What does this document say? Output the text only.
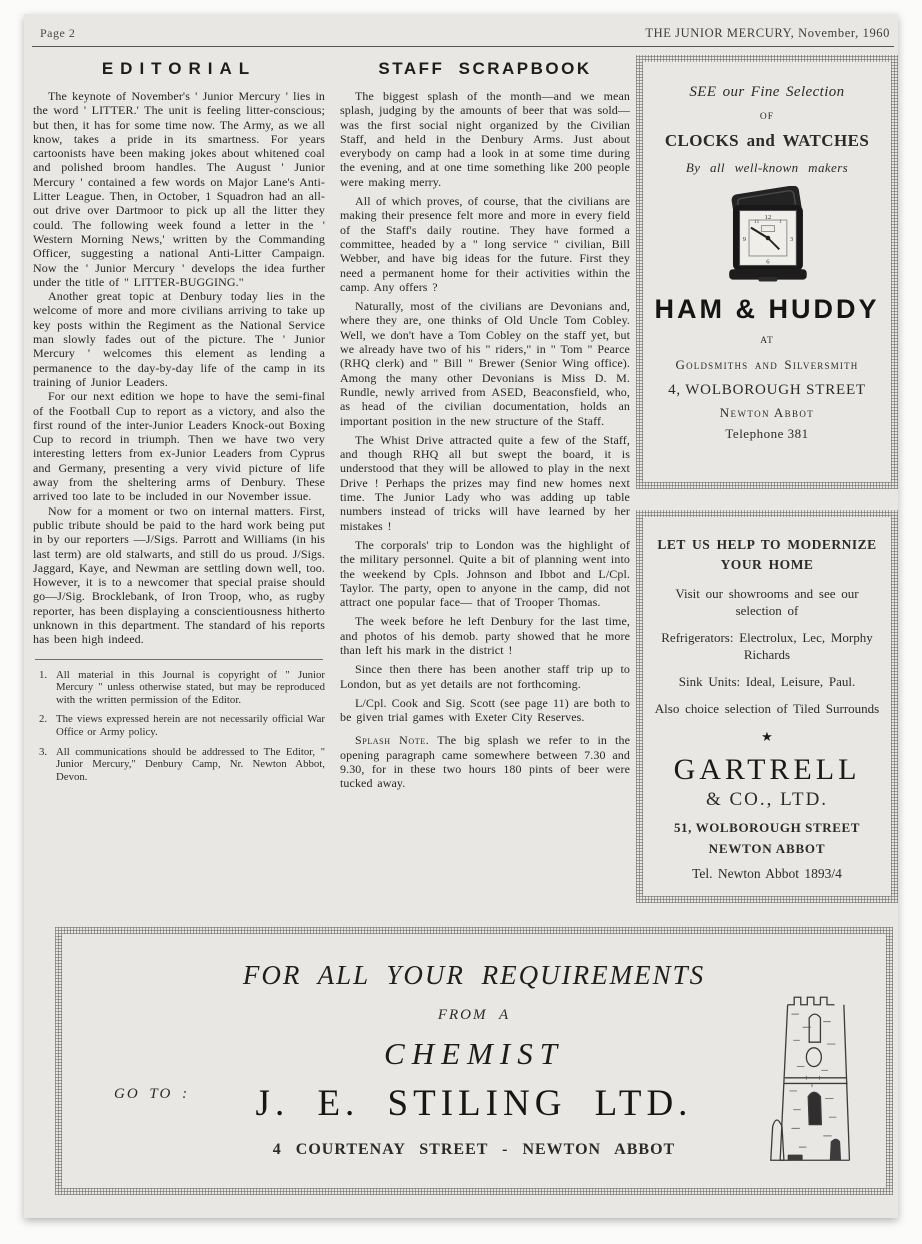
Page 2	THE JUNIOR MERCURY, November, 1960
EDITORIAL

The keynote of November's ' Junior Mercury ' lies in the word ' LITTER.' The unit is feeling litter-conscious; but then, it has for some time now. The Army, as we all know, takes a pride in its smartness. For years cartoonists have been making jokes about whitened coal and polished broom handles. The August ' Junior Mercury ' contained a few words on Major Lane's Anti-Litter League. Then, in October, 1 Squadron had an all-out drive over Dartmoor to pick up all the litter they could. The following week found a letter in the ' Western Morning News,' written by the Commanding Officer, suggesting a national Anti-Litter Campaign. Now the ' Junior Mercury ' develops the idea further under the title of " LITTER-BUGGING."

Another great topic at Denbury today lies in the welcome of more and more civilians arriving to take up key posts within the Regiment as the National Service man slowly fades out of the picture. The ' Junior Mercury ' welcomes this element as lending a permanence to the day-by-day life of the camp in its training of Junior Leaders.

For our next edition we hope to have the semi-final of the Football Cup to report as a victory, and also the first round of the inter-Junior Leaders Knock-out Boxing Cup to record in triumph. Then we have two very interesting letters from ex-Junior Leaders from Cyprus and Germany, presenting a very vivid picture of life away from the sheltering arms of Denbury. These arrived too late to be included in our November issue.

Now for a moment or two on internal matters. First, public tribute should be paid to the hard work being put in by our reporters —J/Sigs. Parrott and Williams (in his last term) are old stalwarts, and still do us proud. J/Sigs. Jaggard, Kaye, and Newman are settling down well, too. However, it is to a newcomer that special praise should go—J/Sig. Brocklebank, of Iron Troop, who, as rugby reporter, has been displaying a conscientiousness hitherto unknown in this department. The standard of his reports has been high indeed.

1. All material in this Journal is copyright of " Junior Mercury " unless otherwise stated, but may be reproduced with the written permission of the Editor.
2. The views expressed herein are not necessarily official War Office or Army policy.
3. All communications should be addressed to The Editor, " Junior Mercury," Denbury Camp, Nr. Newton Abbot, Devon.
STAFF SCRAPBOOK

The biggest splash of the month—and we mean splash, judging by the amounts of beer that was sold—was the first social night organized by the Civilian Staff, and held in the Denbury Arms. Just about everybody on camp had a look in at some time during the evening, and at one time something like 200 people were making merry.

All of which proves, of course, that the civilians are making their presence felt more and more in every field of the Staff's daily routine. They have formed a committee, headed by a " long service " civilian, Bill Webber, and have big ideas for the future. First they need a permanent home for their activities within the camp. Any offers ?

Naturally, most of the civilians are Devonians and, where they are, one thinks of Old Uncle Tom Cobley. Well, we don't have a Tom Cobley on the staff yet, but we already have two of his " riders," in " Tom " Pearce (RHQ clerk) and " Bill " Brewer (Senior Wing office). Among the many other Devonians is Miss D. M. Rundle, newly arrived from ASED, Beaconsfield, who, as head of the civilian documentation, holds an important position in the new structure of the Staff.

The Whist Drive attracted quite a few of the Staff, and though RHQ all but swept the board, it is understood that they will be allowed to play in the next Drive ! Perhaps the prizes may find new homes next time. The Junior Lady who was adding up table numbers instead of tricks will have learned by her mistakes !

The corporals' trip to London was the highlight of the military personnel. Quite a bit of planning went into the weekend by Cpls. Johnson and Ibbot and L/Cpl. Taylor. The party, open to anyone in the camp, did not attract one popular face— that of Trooper Thomas.

The week before he left Denbury for the last time, and photos of his demob. party showed that he more than left his mark in the district !

Since then there has been another staff trip up to London, but as yet details are not forthcoming.

L/Cpl. Cook and Sig. Scott (see page 11) are both to be given trial games with Exeter City Reserves.

Splash Note. The big splash we refer to in the opening paragraph came somewhere between 7.30 and 9.30, for in these two hours 180 pints of beer were tucked away.

SEE our Fine Selection
OF
CLOCKS and WATCHES
By all well-known makers
12
3
6
9
11	1
HAM & HUDDY
AT
Goldsmiths and Silversmith
4, WOLBOROUGH STREET
Newton Abbot
Telephone 381
LET US HELP TO MODERNIZE
YOUR HOME
Visit our showrooms and see our selection of
Refrigerators: Electrolux, Lec, Morphy Richards
Sink Units: Ideal, Leisure, Paul.
Also choice selection of Tiled Surrounds
★
GARTRELL
& CO., LTD.
51, WOLBOROUGH STREET
NEWTON ABBOT
Tel. Newton Abbot 1893/4
FOR ALL YOUR REQUIREMENTS
FROM A
CHEMIST
GO TO :	J. E. STILING LTD.
4 COURTENAY STREET - NEWTON ABBOT
